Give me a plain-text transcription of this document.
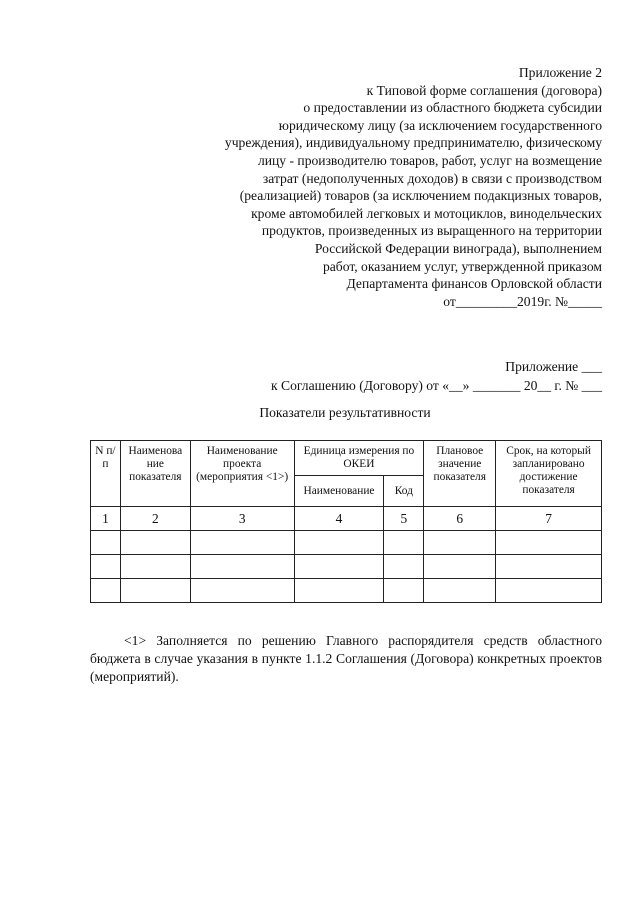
Приложение 2
к Типовой форме соглашения (договора)
о предоставлении из областного бюджета субсидии
юридическому лицу (за исключением государственного
учреждения), индивидуальному предпринимателю, физическому
лицу - производителю товаров, работ, услуг на возмещение
затрат (недополученных доходов) в связи с производством
(реализацией) товаров (за исключением подакцизных товаров,
кроме автомобилей легковых и мотоциклов, винодельческих
продуктов, произведенных из выращенного на территории
Российской Федерации винограда), выполнением
работ, оказанием услуг, утвержденной приказом
Департамента финансов Орловской области
от_________2019г. №_____
Приложение ___
к Соглашению (Договору) от «__» _______ 20__ г. № ___
Показатели результативности
N п/п	Наименова ние показателя	Наименование проекта (мероприятия <1>)	Единица измерения по ОКЕИ		Плановое значение показателя	Срок, на который запланировано достижение показателя
			Наименование	Код		
1	2	3	4	5	6	7

<1> Заполняется по решению Главного распорядителя средств областного бюджета в случае указания в пункте 1.1.2 Соглашения (Договора) конкретных проектов (мероприятий).
